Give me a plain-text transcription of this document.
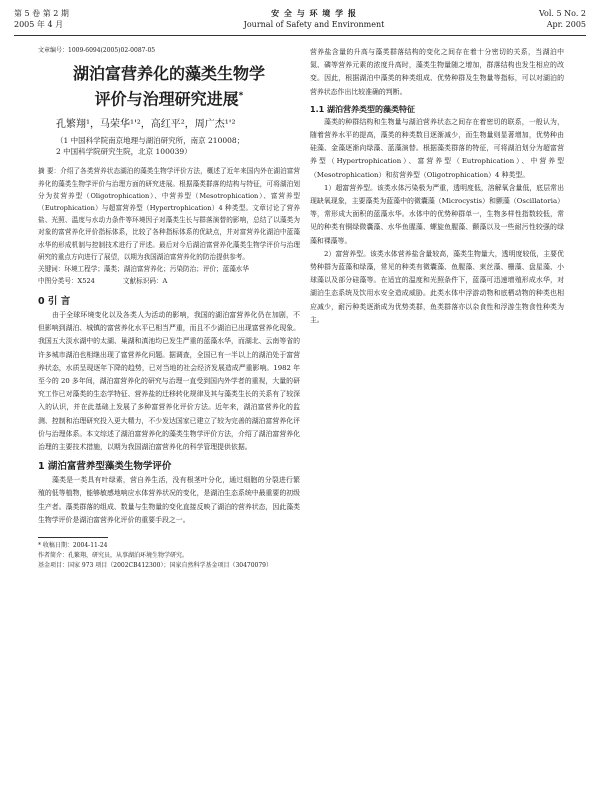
第 5 卷 第 2 期
2005 年 4 月
安 全 与 环 境 学 报
Journal of Safety and Environment
Vol. 5 No. 2
Apr. 2005

文章编号：1009-6094(2005)02-0087-05

湖泊富营养化的藻类生物学
评价与治理研究进展*

孔繁翔¹，马荣华¹'²，高红平²，周广杰¹'²

（1 中国科学院南京地理与湖泊研究所，南京 210008；

2 中国科学院研究生院，北京 100039）

摘 要：介绍了各类营养状态湖泊的藻类生物学评价方法，概述了近年来国内外在湖泊富营养化的藻类生物学评价与治理方面的研究进展。根据藻类群落的结构与特征，可将湖泊划分为贫营养型（Oligotrophication）、中营养型（Mesotrophication）、富营养型（Eutrophication）与超富营养型（Hypertrophication）4 种类型。文章讨论了营养盐、光照、温度与水动力条件等环境因子对藻类生长与群落演替的影响，总结了以藻类为对象的富营养化评价指标体系，比较了各种指标体系的优缺点，并对富营养化湖泊中蓝藻水华的形成机制与控制技术进行了评述。最后对今后湖泊富营养化藻类生物学评价与治理研究的重点方向进行了展望，以期为我国湖泊富营养化的防治提供参考。

关键词：环境工程学；藻类；湖泊富营养化；污染防治；评价；蓝藻水华

中图分类号：X524	文献标识码：A

0 引 言

由于全球环境变化以及各类人为活动的影响，我国的湖泊富营养化仍在加剧，不但影响到湖泊、城镇的富营养化水平已相当严重，而且不少湖泊已出现富营养化现象。我国五大淡水湖中的太湖、巢湖和滇池均已发生严重的蓝藻水华，而湖北、云南等省的许多城市湖泊也相继出现了富营养化问题。据调查，全国已有一半以上的湖泊处于富营养状态，水质呈现逐年下降的趋势，已对当地的社会经济发展造成严重影响。1982 年至今的 20 多年间，湖泊富营养化的研究与治理一直受到国内外学者的重视，大量的研究工作已对藻类的生态学特征、营养盐的迁移转化规律及其与藻类生长的关系有了较深入的认识，并在此基础上发展了多种富营养化评价方法。近年来，湖泊富营养化的监测、控制和治理研究投入更大精力，不少发达国家已建立了较为完善的湖泊富营养化评价与治理体系。本文综述了湖泊富营养化的藻类生物学评价方法，介绍了湖泊富营养化治理的主要技术措施，以期为我国湖泊富营养化的科学管理提供依据。

1 湖泊富营养型藻类生物学评价

藻类是一类具有叶绿素，营自养生活，没有根茎叶分化，通过细胞的分裂进行繁殖的低等植物，能够敏感地响应水体营养状况的变化，是湖泊生态系统中最重要的初级生产者。藻类群落的组成、数量与生物量的变化直接反映了湖泊的营养状态，因此藻类生物学评价是湖泊富营养化评价的重要手段之一。

* 收稿日期：2004-11-24

作者简介：孔繁翔，研究员，从事湖泊环境生物学研究。

基金项目：国家 973 项目（2002CB412300）；国家自然科学基金项目（30470079）

营养盐含量的升高与藻类群落结构的变化之间存在着十分密切的关系，当湖泊中氮、磷等营养元素的浓度升高时，藻类生物量随之增加，群落结构也发生相应的改变。因此，根据湖泊中藻类的种类组成、优势种群及生物量等指标，可以对湖泊的营养状态作出比较准确的判断。

1.1 湖泊营养类型的藻类特征

藻类的种群结构和生物量与湖泊营养状态之间存在着密切的联系，一般认为，随着营养水平的提高，藻类的种类数目逐渐减少，而生物量则显著增加，优势种由硅藻、金藻逐渐向绿藻、蓝藻演替。根据藻类群落的特征，可将湖泊划分为超富营养型（Hypertrophication）、富营养型（Eutrophication）、中营养型（Mesotrophication）和贫营养型（Oligotrophication）4 种类型。

1）超富营养型。该类水体污染极为严重，透明度低，溶解氧含量低，底层常出现缺氧现象，主要藻类为蓝藻中的微囊藻（Microcystis）和颤藻（Oscillatoria）等，常形成大面积的蓝藻水华。水体中的优势种群单一，生物多样性指数较低，常见的种类有铜绿微囊藻、水华鱼腥藻、螺旋鱼腥藻、颤藻以及一些耐污性较强的绿藻和裸藻等。

2）富营养型。该类水体营养盐含量较高，藻类生物量大，透明度较低，主要优势种群为蓝藻和绿藻，常见的种类有微囊藻、鱼腥藻、束丝藻、栅藻、盘星藻、小球藻以及部分硅藻等。在适宜的温度和光照条件下，蓝藻可迅速增殖形成水华，对湖泊生态系统及饮用水安全造成威胁。此类水体中浮游动物和底栖动物的种类也相应减少，耐污种类逐渐成为优势类群，鱼类群落亦以杂食性和浮游生物食性种类为主。
